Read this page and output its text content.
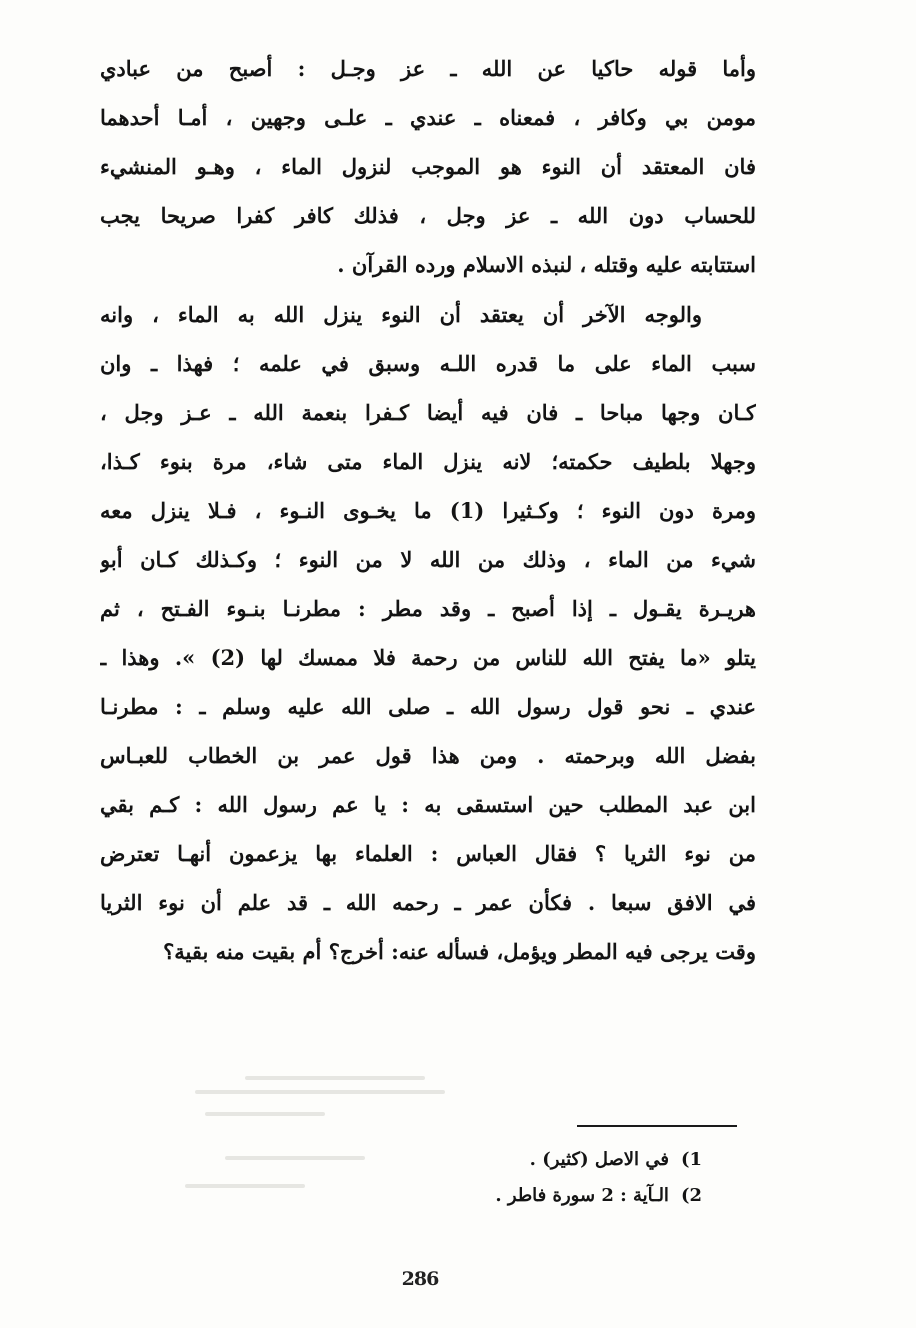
وأما قوله حاكيا عن الله ـ عز وجـل : أصبح من عبادي
مومن بي وكافر ، فمعناه ـ عندي ـ علـى وجهين ، أمـا أحدهما
فان المعتقد أن النوء هو الموجب لنزول الماء ، وهـو المنشيء
للحساب دون الله ـ عز وجل ، فذلك كافر كفرا صريحا يجب
استتابته عليه وقتله ، لنبذه الاسلام ورده القرآن .
والوجه الآخر أن يعتقد أن النوء ينزل الله به الماء ، وانه
سبب الماء على ما قدره اللـه وسبق في علمه ؛ فهذا ـ وان
كـان وجها مباحا ـ فان فيه أيضا كـفرا بنعمة الله ـ عـز وجل ،
وجهلا بلطيف حكمته؛ لانه ينزل الماء متى شاء، مرة بنوء كـذا،
ومرة دون النوء ؛ وكـثيرا (1) ما يخـوى النـوء ، فـلا ينزل معه
شيء من الماء ، وذلك من الله لا من النوء ؛ وكـذلك كـان أبو
هريـرة يقـول ـ إذا أصبح ـ وقد مطر : مطرنـا بنـوء الفـتح ، ثم
يتلو «ما يفتح الله للناس من رحمة فلا ممسك لها (2) ». وهذا ـ
عندي ـ نحو قول رسول الله ـ صلى الله عليه وسلم ـ : مطرنـا
بفضل الله وبرحمته . ومن هذا قول عمر بن الخطاب للعبـاس
ابن عبد المطلب حين استسقى به : يا عم رسول الله : كـم بقي
من نوء الثريا ؟ فقال العباس : العلماء بها يزعمون أنهـا تعترض
في الافق سبعا . فكأن عمر ـ رحمه الله ـ قد علم أن نوء الثريا
وقت يرجى فيه المطر ويؤمل، فسأله عنه: أخرج؟ أم بقيت منه بقية؟
1)في الاصل (كثير) .
2)الـآية : 2 سورة فاطر .
286
